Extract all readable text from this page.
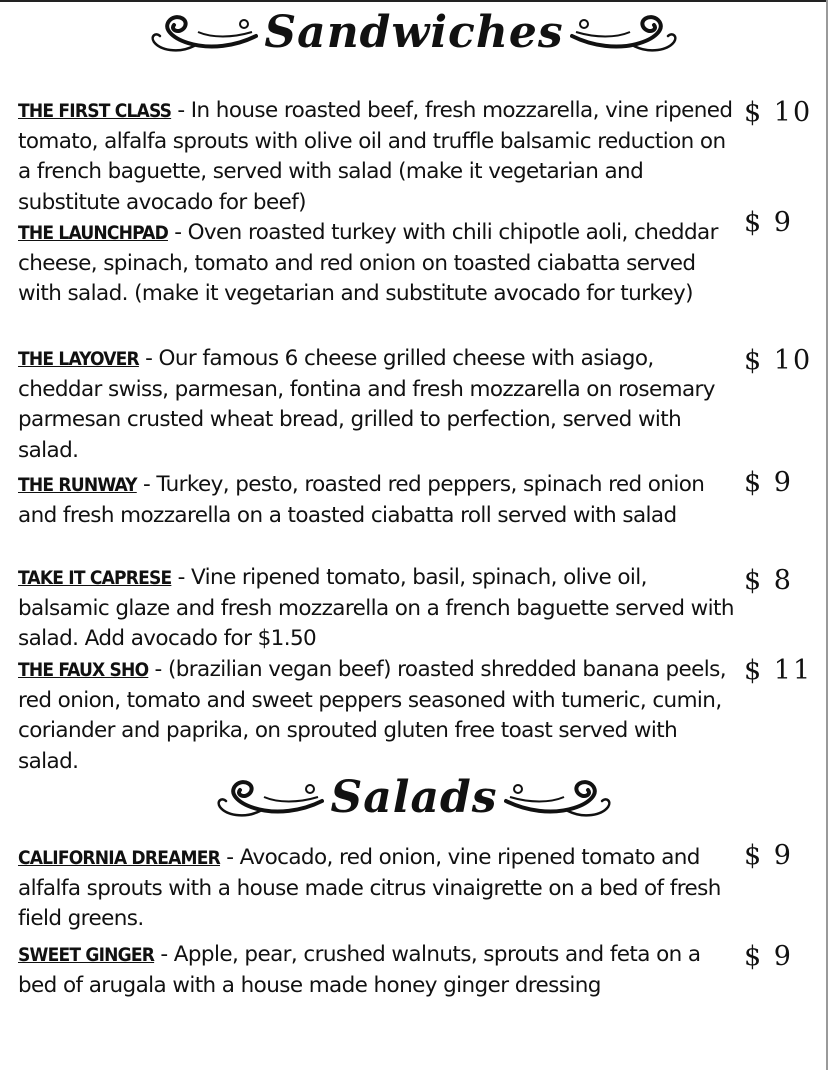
Sandwiches
THE FIRST CLASS - In house roasted beef, fresh mozzarella, vine ripened tomato, alfalfa sprouts with olive oil and truffle balsamic reduction on a french baguette, served with salad (make it vegetarian and substitute avocado for beef)
$ 10
THE LAUNCHPAD - Oven roasted turkey with chili chipotle aoli, cheddar cheese, spinach, tomato and red onion on toasted ciabatta served with salad. (make it vegetarian and substitute avocado for turkey)
$ 9
THE LAYOVER - Our famous 6 cheese grilled cheese with asiago, cheddar swiss, parmesan, fontina and fresh mozzarella on rosemary parmesan crusted wheat bread, grilled to perfection, served with salad.
$ 10
THE RUNWAY - Turkey, pesto, roasted red peppers, spinach red onion and fresh mozzarella on a toasted ciabatta roll served with salad
$ 9
TAKE IT CAPRESE - Vine ripened tomato, basil, spinach, olive oil, balsamic glaze and fresh mozzarella on a french baguette served with salad. Add avocado for $1.50
$ 8
THE FAUX SHO - (brazilian vegan beef) roasted shredded banana peels, red onion, tomato and sweet peppers seasoned with tumeric, cumin, coriander and paprika, on sprouted gluten free toast served with salad.
$ 11
Salads
CALIFORNIA DREAMER - Avocado, red onion, vine ripened tomato and alfalfa sprouts with a house made citrus vinaigrette on a bed of fresh field greens.
$ 9
SWEET GINGER - Apple, pear, crushed walnuts, sprouts and feta on a bed of arugala with a house made honey ginger dressing
$ 9
